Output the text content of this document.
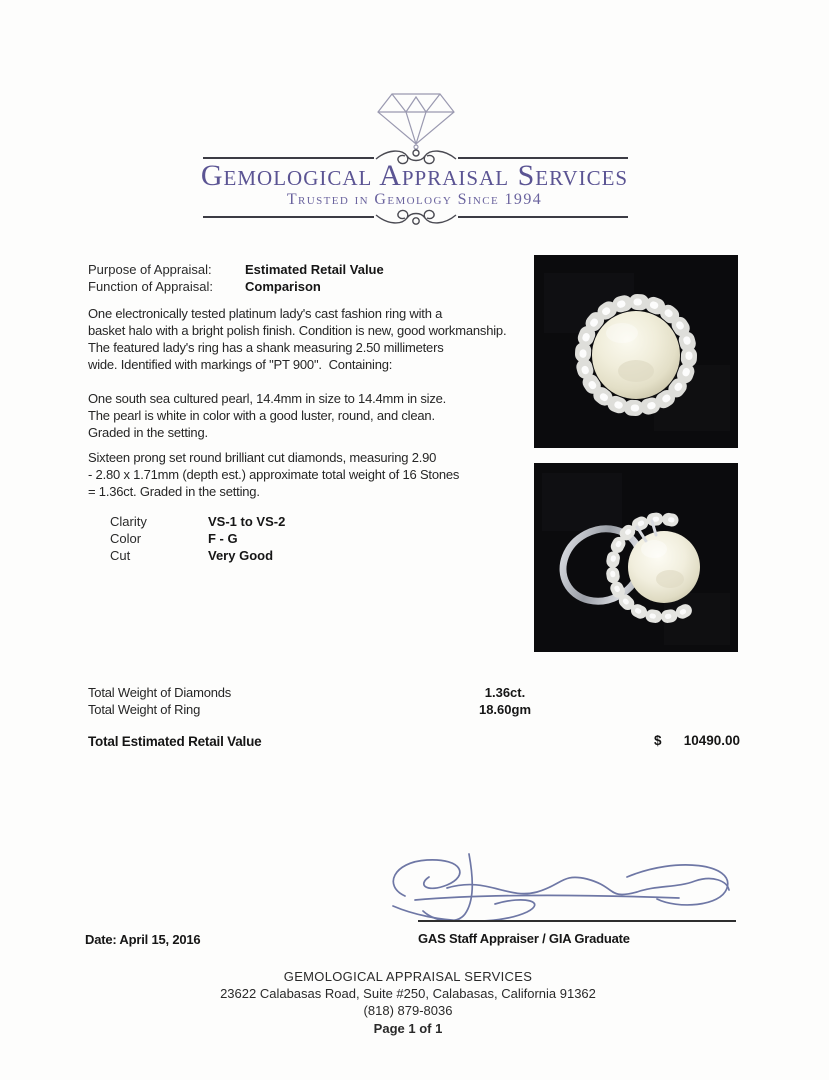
Gemological Appraisal Services
Trusted in Gemology Since 1994
Purpose of Appraisal:	Estimated Retail Value
Function of Appraisal:	Comparison
One electronically tested platinum lady's cast fashion ring with a
basket halo with a bright polish finish. Condition is new, good workmanship.
The featured lady's ring has a shank measuring 2.50 millimeters
wide. Identified with markings of "PT 900".  Containing:
One south sea cultured pearl, 14.4mm in size to 14.4mm in size.
The pearl is white in color with a good luster, round, and clean.
Graded in the setting.
Sixteen prong set round brilliant cut diamonds, measuring 2.90
- 2.80 x 1.71mm (depth est.) approximate total weight of 16 Stones
= 1.36ct. Graded in the setting.
Clarity	VS-1 to VS-2
Color	F - G
Cut	Very Good
Total Weight of Diamonds	1.36ct.
Total Weight of Ring	18.60gm
Total Estimated Retail Value	$ 10490.00
Date: April 15, 2016	GAS Staff Appraiser / GIA Graduate
GEMOLOGICAL APPRAISAL SERVICES
23622 Calabasas Road, Suite #250, Calabasas, California 91362
(818) 879-8036
Page 1 of 1
